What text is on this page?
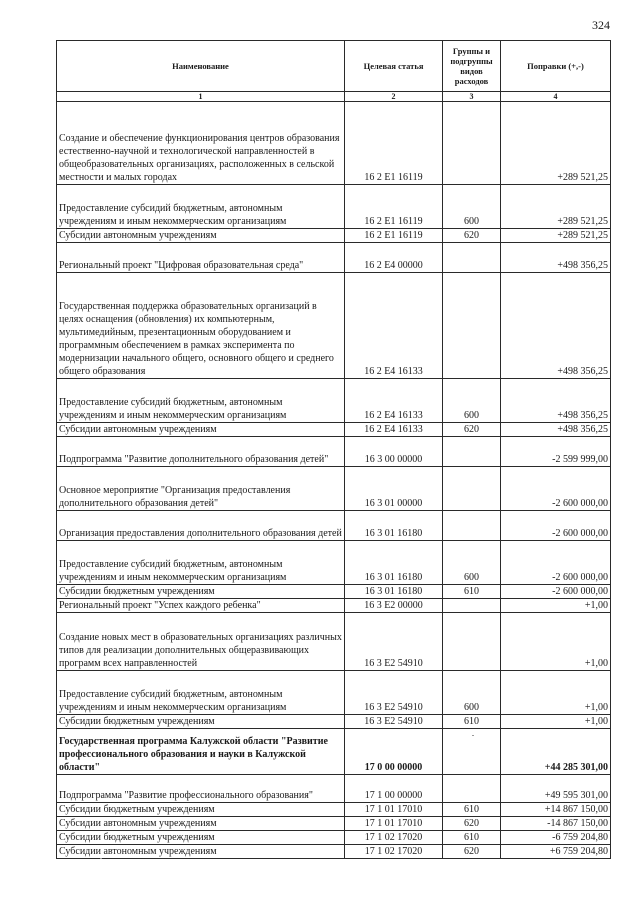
324
Наименование	Целевая статья	Группы и подгруппы видов расходов	Поправки (+,-)
1	2	3	4
Создание и обеспечение функционирования центров образования естественно-научной и технологической направленностей в общеобразовательных организациях, расположенных в сельской местности и малых городах	16 2 E1 16119		+289 521,25
Предоставление субсидий бюджетным, автономным учреждениям и иным некоммерческим организациям	16 2 E1 16119	600	+289 521,25
Субсидии автономным учреждениям	16 2 E1 16119	620	+289 521,25
Региональный проект "Цифровая образовательная среда"	16 2 E4 00000		+498 356,25
Государственная поддержка образовательных организаций в целях оснащения (обновления) их компьютерным, мультимедийным, презентационным оборудованием и программным обеспечением в рамках эксперимента по модернизации начального общего, основного общего и среднего общего образования	16 2 E4 16133		+498 356,25
Предоставление субсидий бюджетным, автономным учреждениям и иным некоммерческим организациям	16 2 E4 16133	600	+498 356,25
Субсидии автономным учреждениям	16 2 E4 16133	620	+498 356,25
Подпрограмма "Развитие дополнительного образования детей"	16 3 00 00000		-2 599 999,00
Основное мероприятие "Организация предоставления дополнительного образования детей"	16 3 01 00000		-2 600 000,00
Организация предоставления дополнительного образования детей	16 3 01 16180		-2 600 000,00
Предоставление субсидий бюджетным, автономным учреждениям и иным некоммерческим организациям	16 3 01 16180	600	-2 600 000,00
Субсидии бюджетным учреждениям	16 3 01 16180	610	-2 600 000,00
Региональный проект "Успех каждого ребенка"	16 3 E2 00000		+1,00
Создание новых мест в образовательных организациях различных типов для реализации дополнительных общеразвивающих программ всех направленностей	16 3 E2 54910		+1,00
Предоставление субсидий бюджетным, автономным учреждениям и иным некоммерческим организациям	16 3 E2 54910	600	+1,00
Субсидии бюджетным учреждениям	16 3 E2 54910	610	+1,00
Государственная программа Калужской области "Развитие профессионального образования и науки в Калужской области"	17 0 00 00000		+44 285 301,00
Подпрограмма "Развитие профессионального образования"	17 1 00 00000		+49 595 301,00
Субсидии бюджетным учреждениям	17 1 01 17010	610	+14 867 150,00
Субсидии автономным учреждениям	17 1 01 17010	620	-14 867 150,00
Субсидии бюджетным учреждениям	17 1 02 17020	610	-6 759 204,80
Субсидии автономным учреждениям	17 1 02 17020	620	+6 759 204,80
